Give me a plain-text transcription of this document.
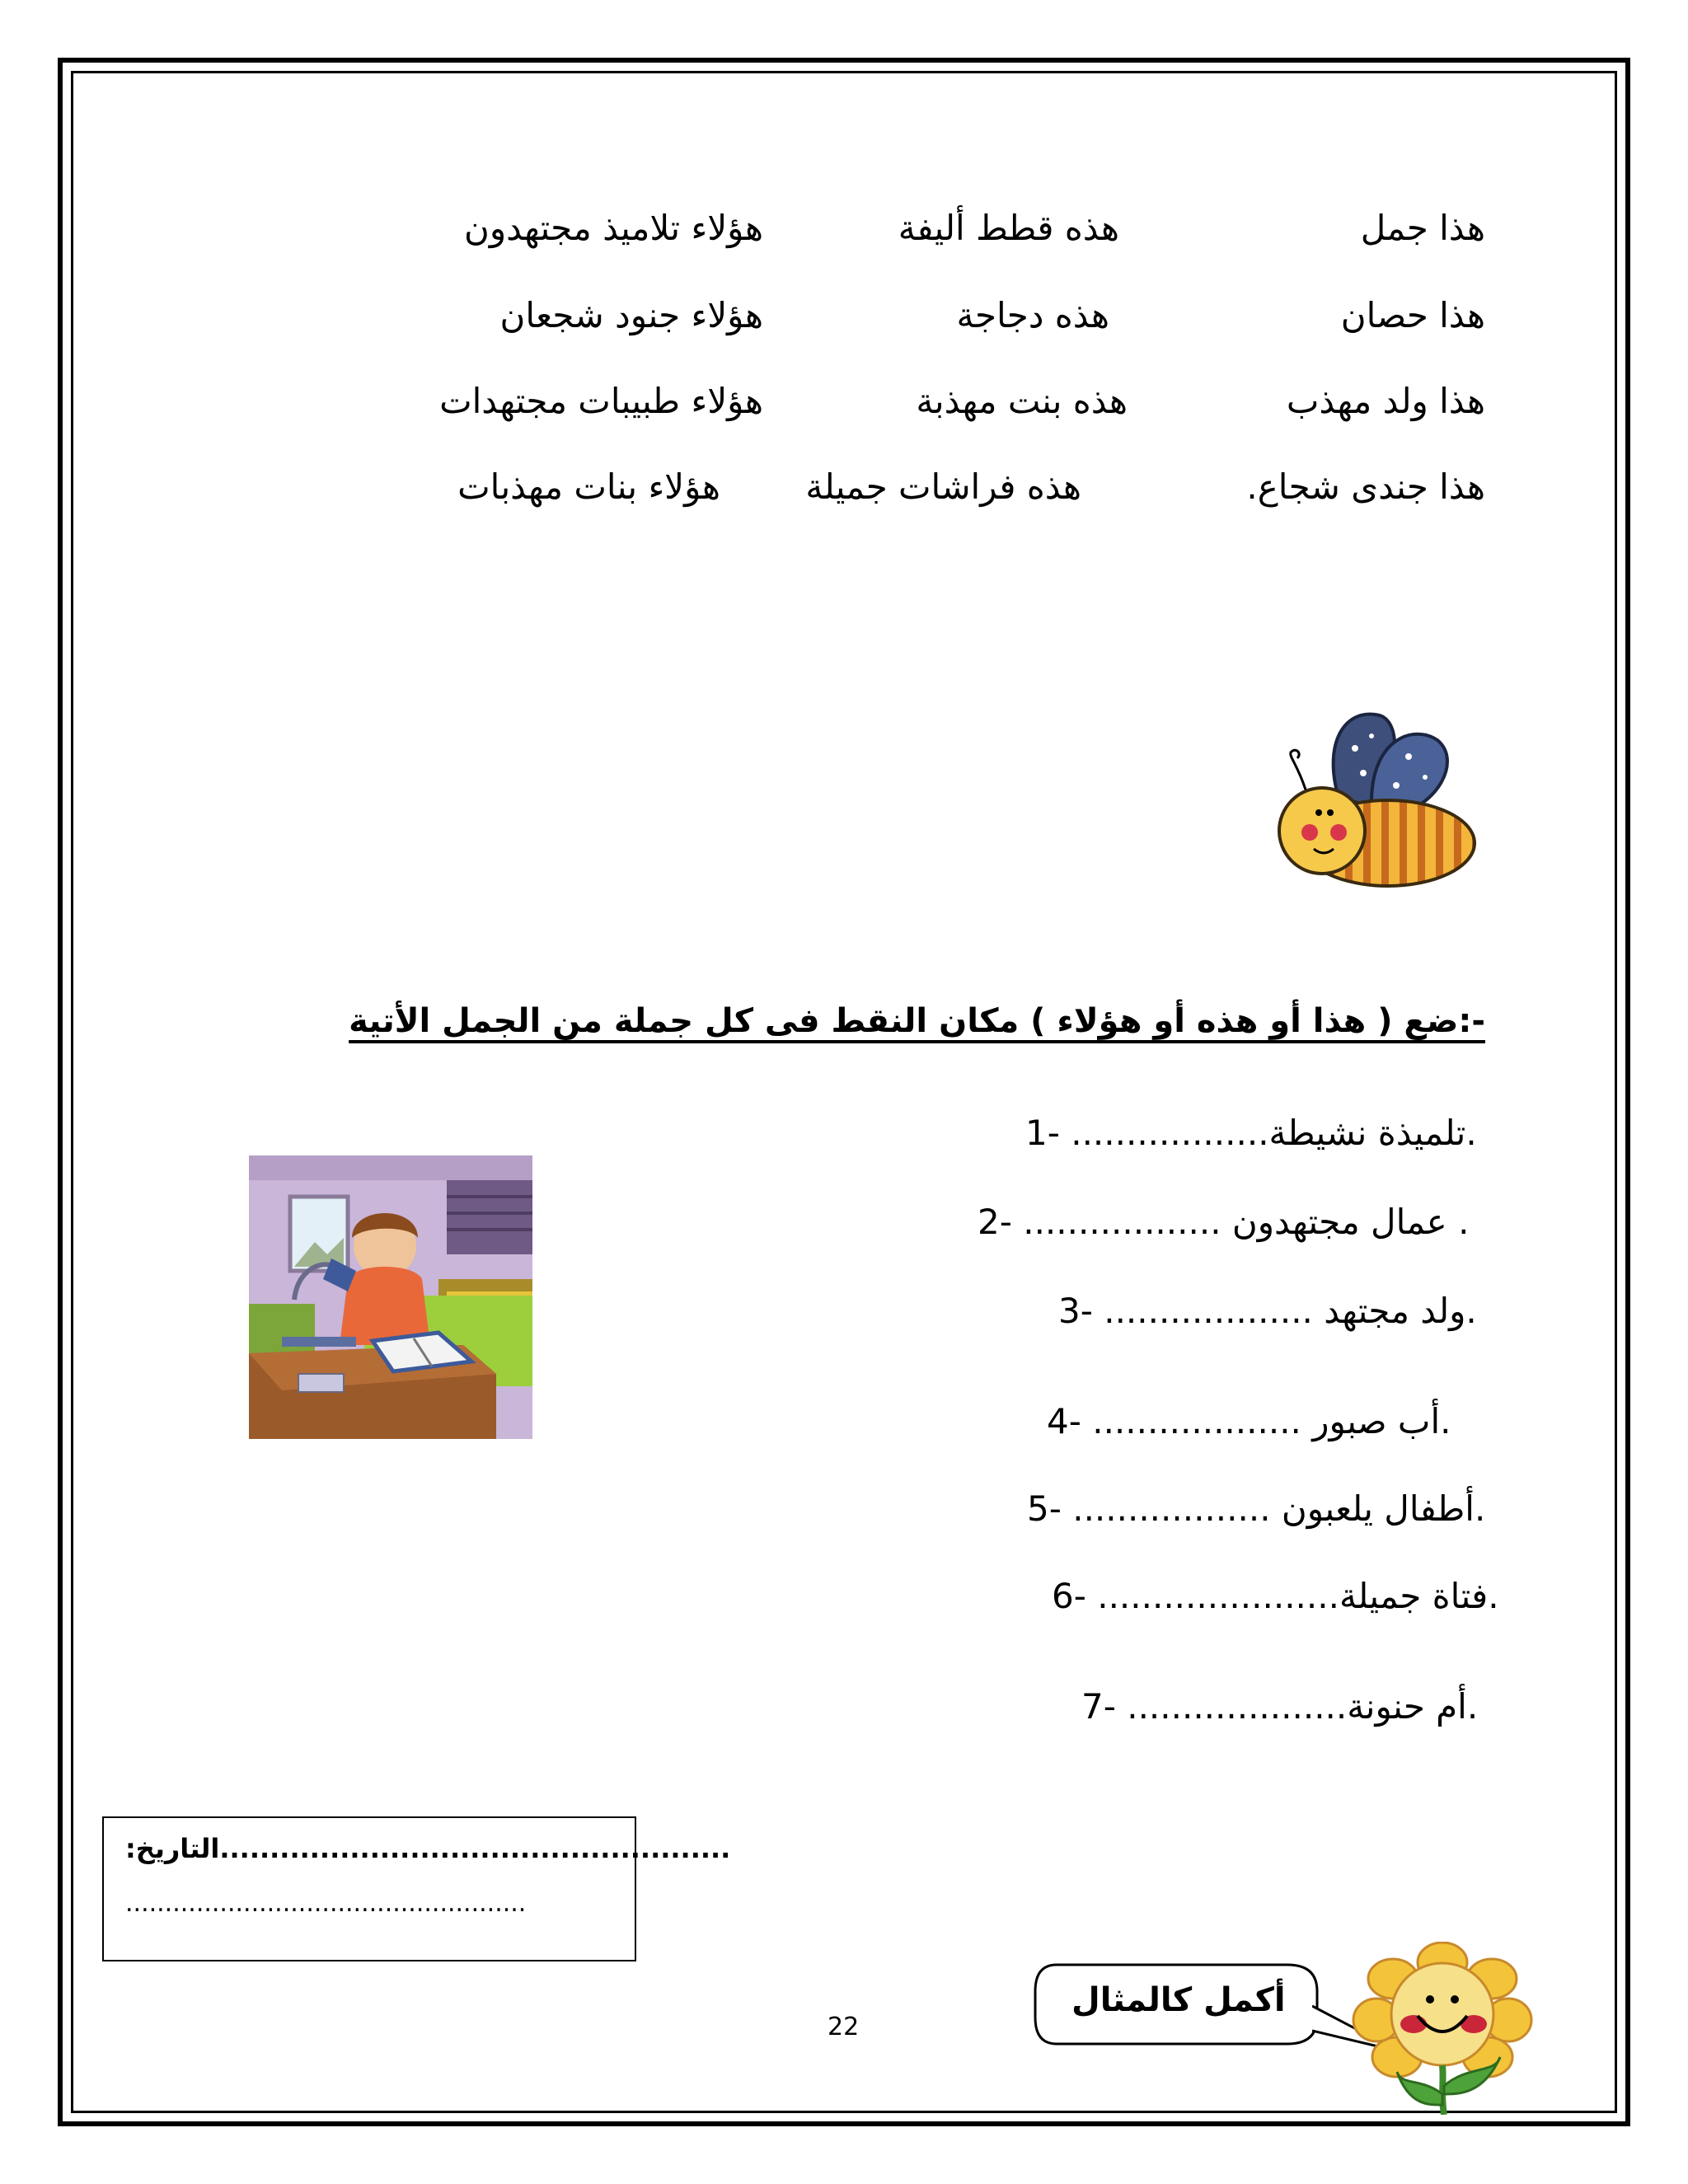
هذا جمل
هذه قطط أليفة
هؤلاء تلاميذ مجتهدون
هذا حصان
هذه دجاجة
هؤلاء جنود شجعان
هذا ولد مهذب
هذه بنت مهذبة
هؤلاء طبيبات مجتهدات
هذا جندى شجاع.
هذه فراشات جميلة
هؤلاء بنات مهذبات
-:ضع ( هذا أو هذه أو هؤلاء ) مكان النقط فى كل جملة من الجمل الأتية
1- ..................تلميذة نشيطة.
2- .................. عمال مجتهدون .
3- ................... ولد مجتهد.
4- ................... أب صبور.
5- .................. أطفال يلعبون.
6- ......................فتاة جميلة.
7- ....................أم حنونة.
...................................................التاريخ:
...................................................
أكمل كالمثال
22
